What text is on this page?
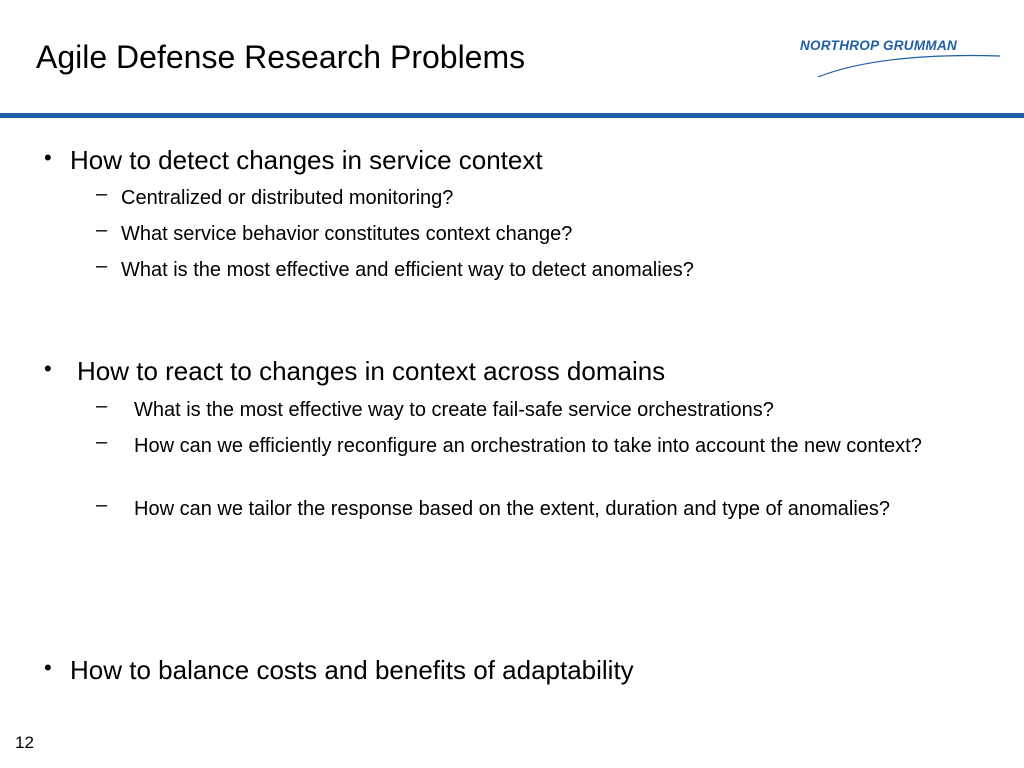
Agile Defense Research Problems	NORTHROP GRUMMAN
• How to detect changes in service context
– Centralized or distributed monitoring?
– What service behavior constitutes context change?
– What is the most effective and efficient way to detect anomalies?
• How to react to changes in context across domains
– What is the most effective way to create fail-safe service orchestrations?
– How can we efficiently reconfigure an orchestration to take into account the new context?
– How can we tailor the response based on the extent, duration and type of anomalies?
• How to balance costs and benefits of adaptability
12
